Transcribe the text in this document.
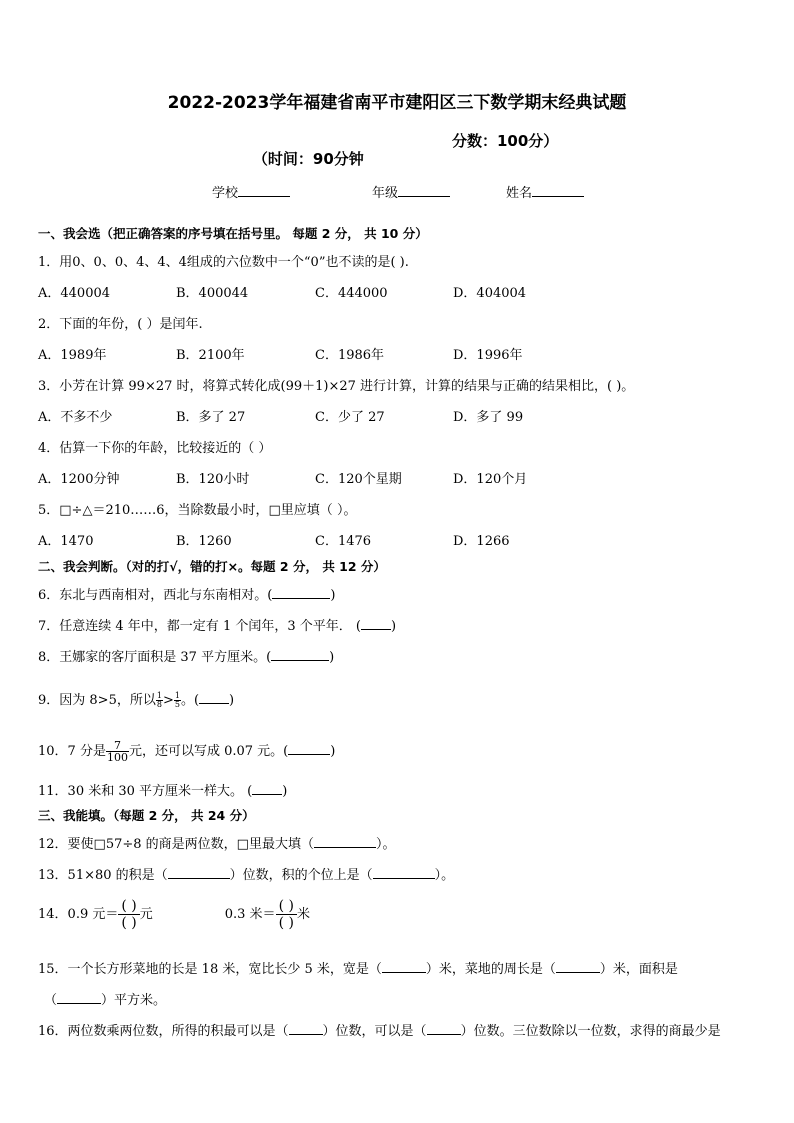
2022-2023学年福建省南平市建阳区三下数学期末经典试题

（时间：90分钟

分数：100分）

学校	年级	姓名
一、我会选（把正确答案的序号填在括号里。 每题 2 分， 共 10 分）
1．用0、0、0、4、4、4组成的六位数中一个“0”也不读的是( ).
A．440004	B．400044	C．444000	D．404004
2．下面的年份，( ）是闰年.
A．1989年	B．2100年	C．1986年	D．1996年
3．小芳在计算 99×27 时，将算式转化成(99＋1)×27 进行计算，计算的结果与正确的结果相比，( )。
A．不多不少	B．多了 27	C．少了 27	D．多了 99
4．估算一下你的年龄，比较接近的（ ）
A．1200分钟	B．120小时	C．120个星期	D．120个月
5．□÷△＝210……6，当除数最小时，□里应填（ ）。
A．1470	B．1260	C．1476	D．1266
二、我会判断。（对的打√，错的打×。每题 2 分， 共 12 分）
6．东北与西南相对，西北与东南相对。(	)
7．任意连续 4 年中，都一定有 1 个闰年，3 个平年． ( )
8．王娜家的客厅面积是 37 平方厘米。(	)
9．因为 8>5，所以 $\frac{1}{8} > \frac{1}{5}$ 。( )
10．7 分是 $\frac{7}{100}$ 元，还可以写成 0.07 元。(	)
11．30 米和 30 平方厘米一样大。 ( )
三、我能填。（每题 2 分， 共 24 分）
12．要使□57÷8 的商是两位数，□里最大填（	）。
13．51×80 的积是（	）位数，积的个位上是（	）。
14．0.9 元＝ $\frac{( )}{( )}$ 元	0.3 米＝ $\frac{( )}{( )}$ 米
15．一个长方形菜地的长是 18 米，宽比长少 5 米，宽是（	）米，菜地的周长是（	）米，面积是
（	）平方米。
16．两位数乘两位数，所得的积最可以是（	）位数，可以是（	）位数。三位数除以一位数，求得的商最少是
